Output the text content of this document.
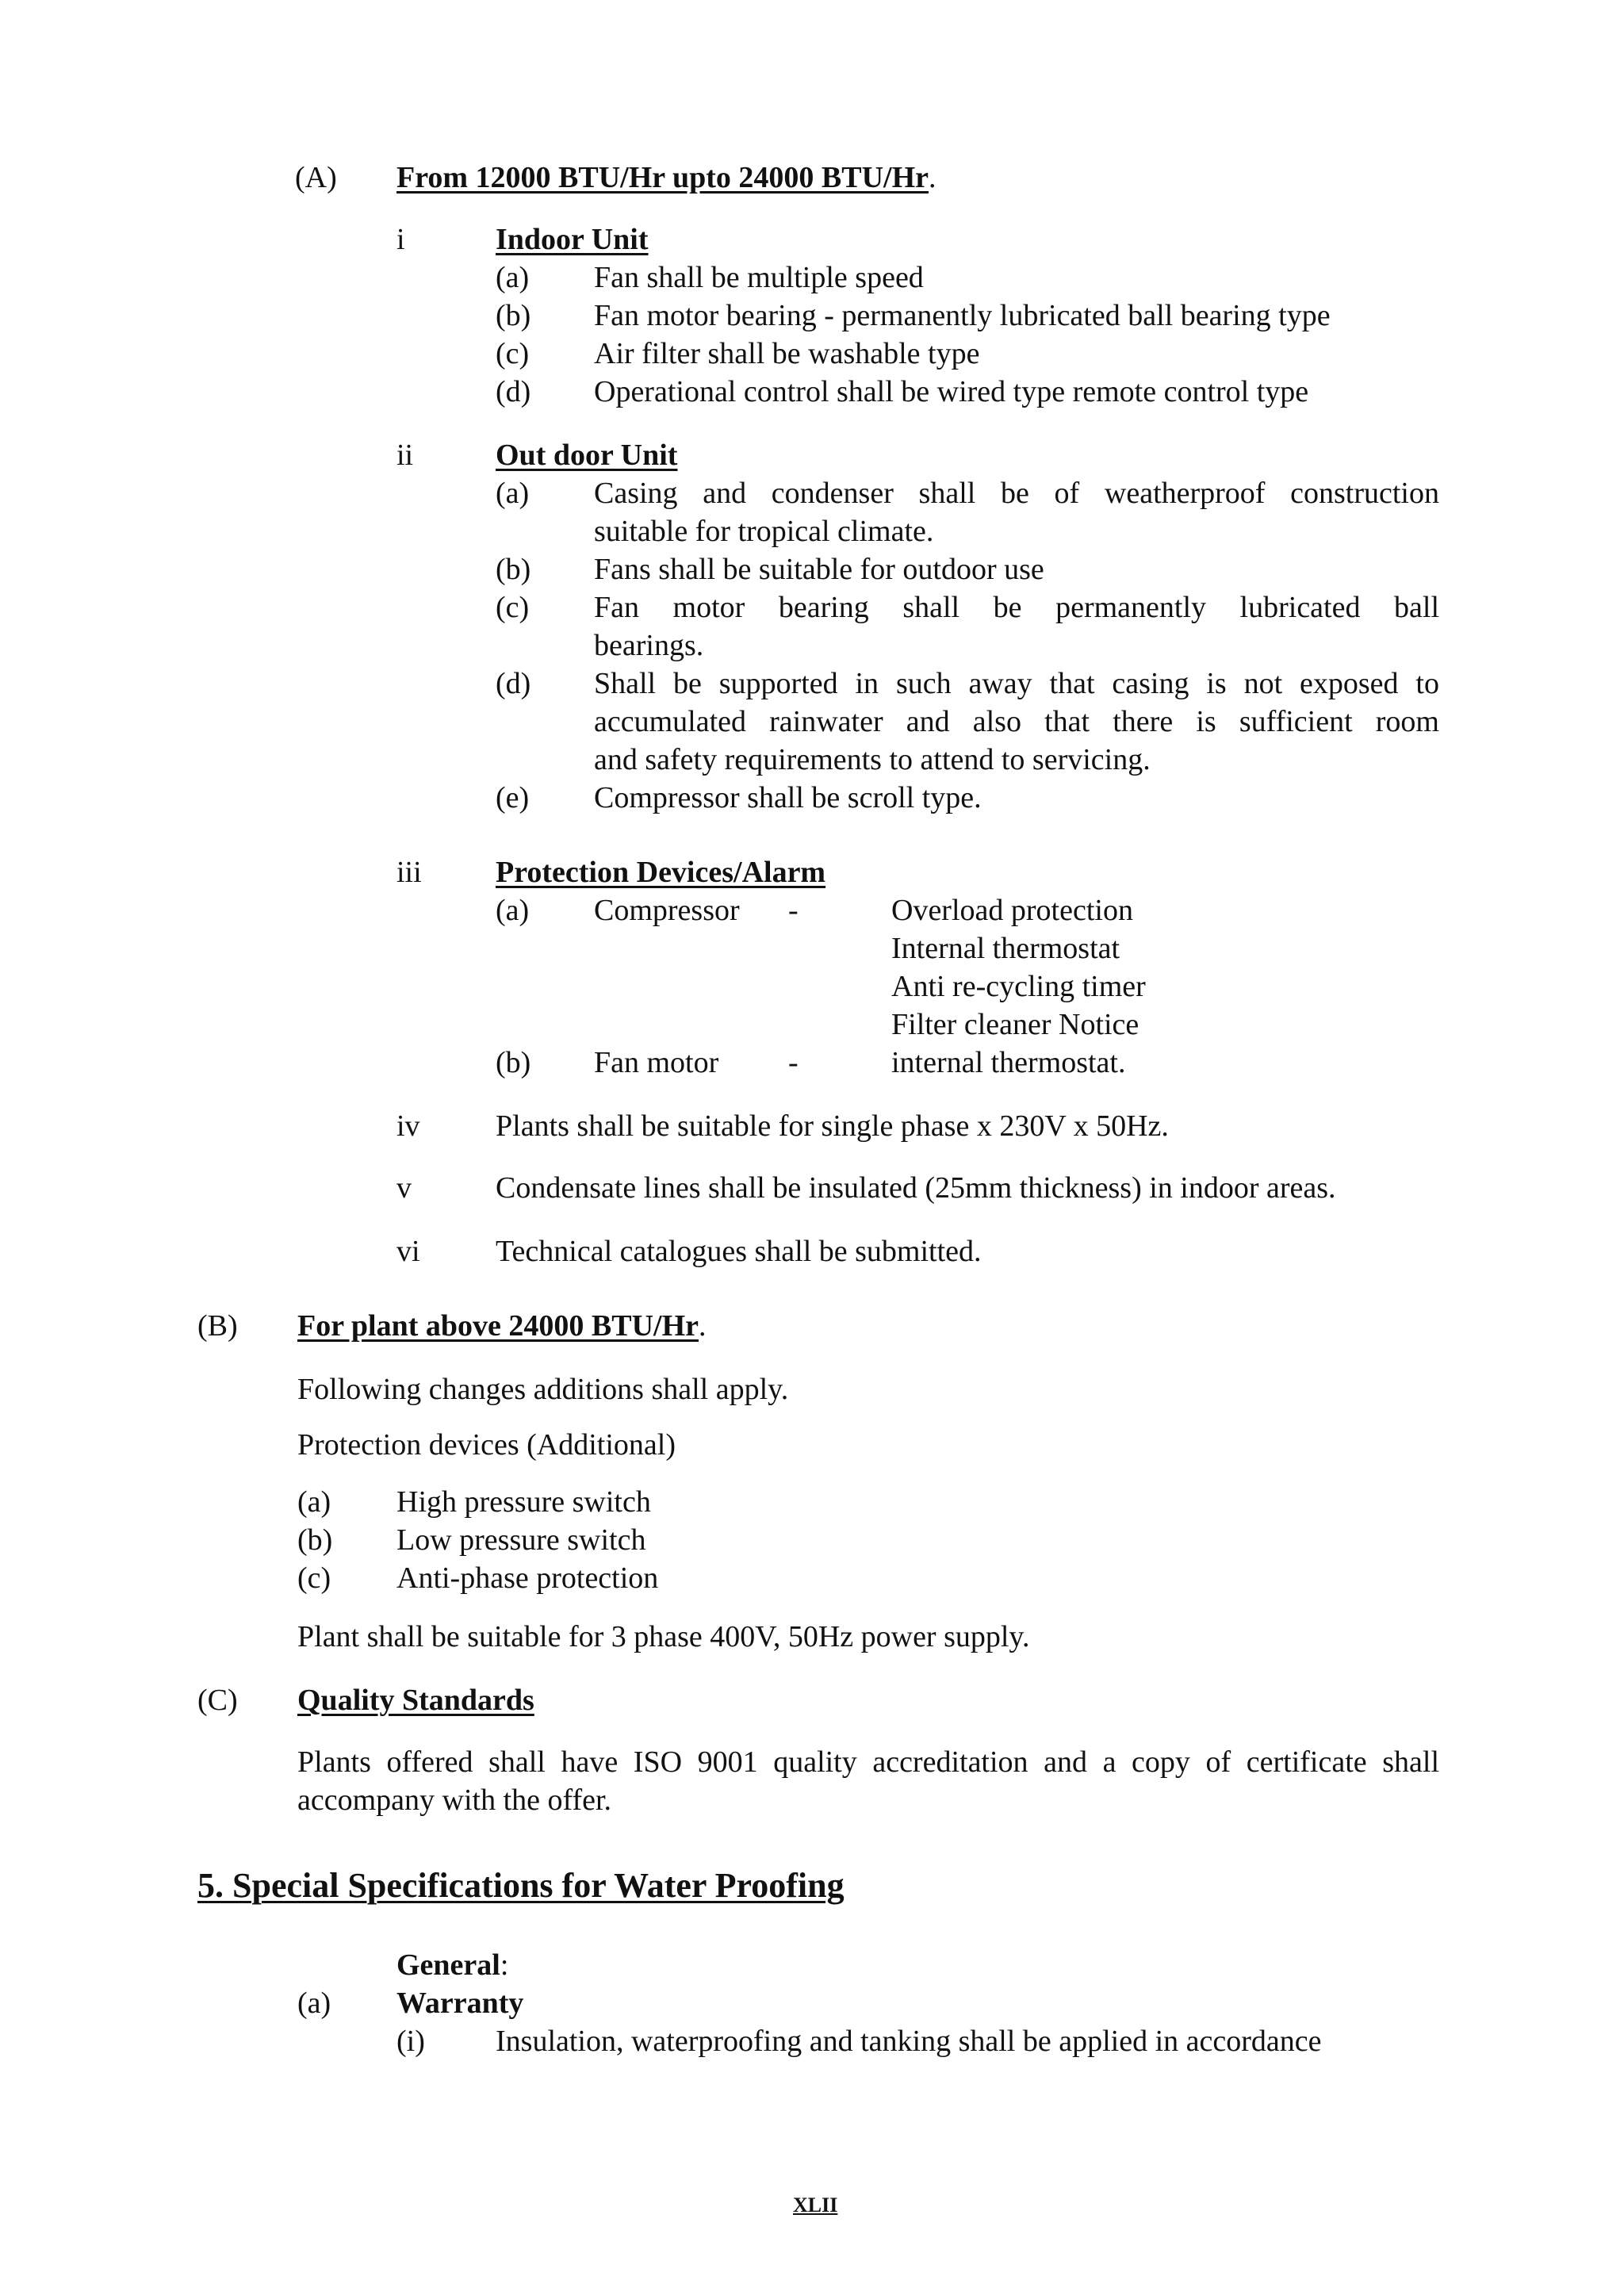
(A) From 12000 BTU/Hr upto 24000 BTU/Hr.
i	Indoor Unit
(a) Fan shall be multiple speed
(b) Fan motor bearing - permanently lubricated ball bearing type
(c) Air filter shall be washable type
(d) Operational control shall be wired type remote control type
ii	Out door Unit
(a) Casing and condenser shall be of weatherproof construction
suitable for tropical climate.
(b) Fans shall be suitable for outdoor use
(c) Fan motor bearing shall be permanently lubricated ball
bearings.
(d) Shall be supported in such away that casing is not exposed to
accumulated rainwater and also that there is sufficient room
and safety requirements to attend to servicing.
(e) Compressor shall be scroll type.
iii Protection Devices/Alarm
(a) Compressor -	Overload protection
Internal thermostat
Anti re-cycling timer
Filter cleaner Notice
(b) Fan motor -	internal thermostat.
iv	Plants shall be suitable for single phase x 230V x 50Hz.
v	Condensate lines shall be insulated (25mm thickness) in indoor areas.
vi	Technical catalogues shall be submitted.
(B) For plant above 24000 BTU/Hr.
Following changes additions shall apply.
Protection devices (Additional)
(a) High pressure switch
(b) Low pressure switch
(c) Anti-phase protection
Plant shall be suitable for 3 phase 400V, 50Hz power supply.
(C) Quality Standards
Plants offered shall have ISO 9001 quality accreditation and a copy of certificate shall
accompany with the offer.
5. Special Specifications for Water Proofing
General:
(a) Warranty
(i) Insulation, waterproofing and tanking shall be applied in accordance
XLII
